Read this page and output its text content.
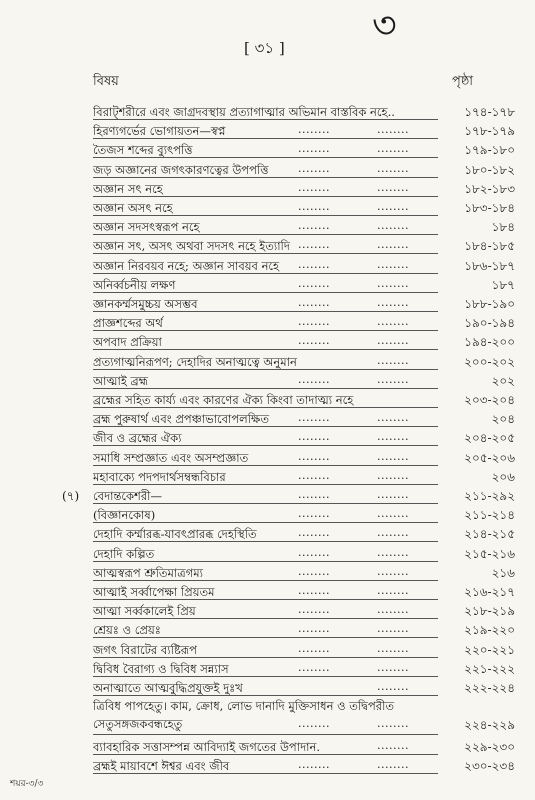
৩
[ ৩১ ]
বিষয়	পৃষ্ঠা
বিরাট্‌শরীরে এবং জাগ্রদবস্থায় প্রত্যাগাত্মার অভিমান বাস্তবিক নহে..	১৭৪-১৭৮
হিরণ্যগর্ভের ভোগায়তন—স্বপ্ন	........	........	১৭৮-১৭৯
তৈজস শব্দের ব্যুৎপত্তি	........	........	১৭৯-১৮০
জড় অজ্ঞানের জগৎকারণত্বের উপপত্তি	........	........	১৮০-১৮২
অজ্ঞান সৎ নহে	........	........	১৮২-১৮৩
অজ্ঞান অসৎ নহে	........	........	১৮৩-১৮৪
অজ্ঞান সদসৎস্বরূপ নহে	........	........	১৮৪
অজ্ঞান সৎ, অসৎ অথবা সদসৎ নহে ইত্যাদি ........	........	১৮৪-১৮৫
অজ্ঞান নিরবয়ব নহে; অজ্ঞান সাবয়ব নহে	........	........	১৮৬-১৮৭
অনির্ব্বচনীয় লক্ষণ	........	........	১৮৭
জ্ঞানকর্ম্মসমুচ্চয় অসম্ভব	........	........	১৮৮-১৯০
প্রাজ্ঞশব্দের অর্থ	........	........	১৯০-১৯৪
অপবাদ প্রক্রিয়া	........	........	১৯৪-২০০
প্রত্যগাত্মনিরূপণ; দেহাদির অনাত্মত্বে অনুমান	........	২০০-২০২
আত্মাই ব্রহ্ম	........	........	২০২
ব্রহ্মের সহিত কার্য্য এবং কারণের ঐক্য কিংবা তাদাত্ম্য নহে	২০৩-২০৪
ব্রহ্ম পুরুষার্থ এবং প্রপঞ্চাভাবোপলক্ষিত	........	........	২০৪
জীব ও ব্রহ্মের ঐক্য	........	........	২০৪-২০৫
সমাধি সম্প্রজ্ঞাত এবং অসম্প্রজ্ঞাত	........	........	২০৫-২০৬
মহাবাক্যে পদপদার্থসম্বন্ধবিচার	........	........	২০৬
(৭) বেদান্তকেশরী—	........	........	২১১-২৯২
(বিজ্ঞানকোষ)	........	........	২১১-২১৪
দেহাদি কর্ম্মারব্ধ-যাবৎপ্রারব্ধ দেহস্থিতি	........	........	২১৪-২১৫
দেহাদি কল্পিত	........	........	২১৫-২১৬
আত্মস্বরূপ শ্রুতিমাত্রগম্য	........	........	২১৬
আত্মাই সর্ব্বাপেক্ষা প্রিয়তম	........	........	২১৬-২১৭
আত্মা সর্ব্বকালেই প্রিয়	........	........	২১৮-২১৯
শ্রেয়ঃ ও প্রেয়ঃ	........	........	২১৯-২২০
জগৎ বিরাটের ব্যষ্টিরূপ	........	........	২২০-২২১
দ্বিবিধ বৈরাগ্য ও দ্বিবিধ সন্ন্যাস	........	........	২২১-২২২
অনাত্মাতে আত্মবুদ্ধিপ্রযুক্তই দুঃখ	........	২২২-২২৪
ত্রিবিধ পাপহেতু। কাম, ক্রোধ, লোভ দানাদি মুক্তিসাধন ও তদ্বিপরীত সেতুসঙ্গজকবন্ধহেতু	........	........	২২৪-২২৯
ব্যাবহারিক সত্তাসম্পন্ন আবিদ্যাই জগতের উপাদান.	........	২২৯-২৩০
ব্রহ্মই মায়াবশে ঈশ্বর এবং জীব	........	........	২৩০-২৩৪
শয়র-৩/৩
